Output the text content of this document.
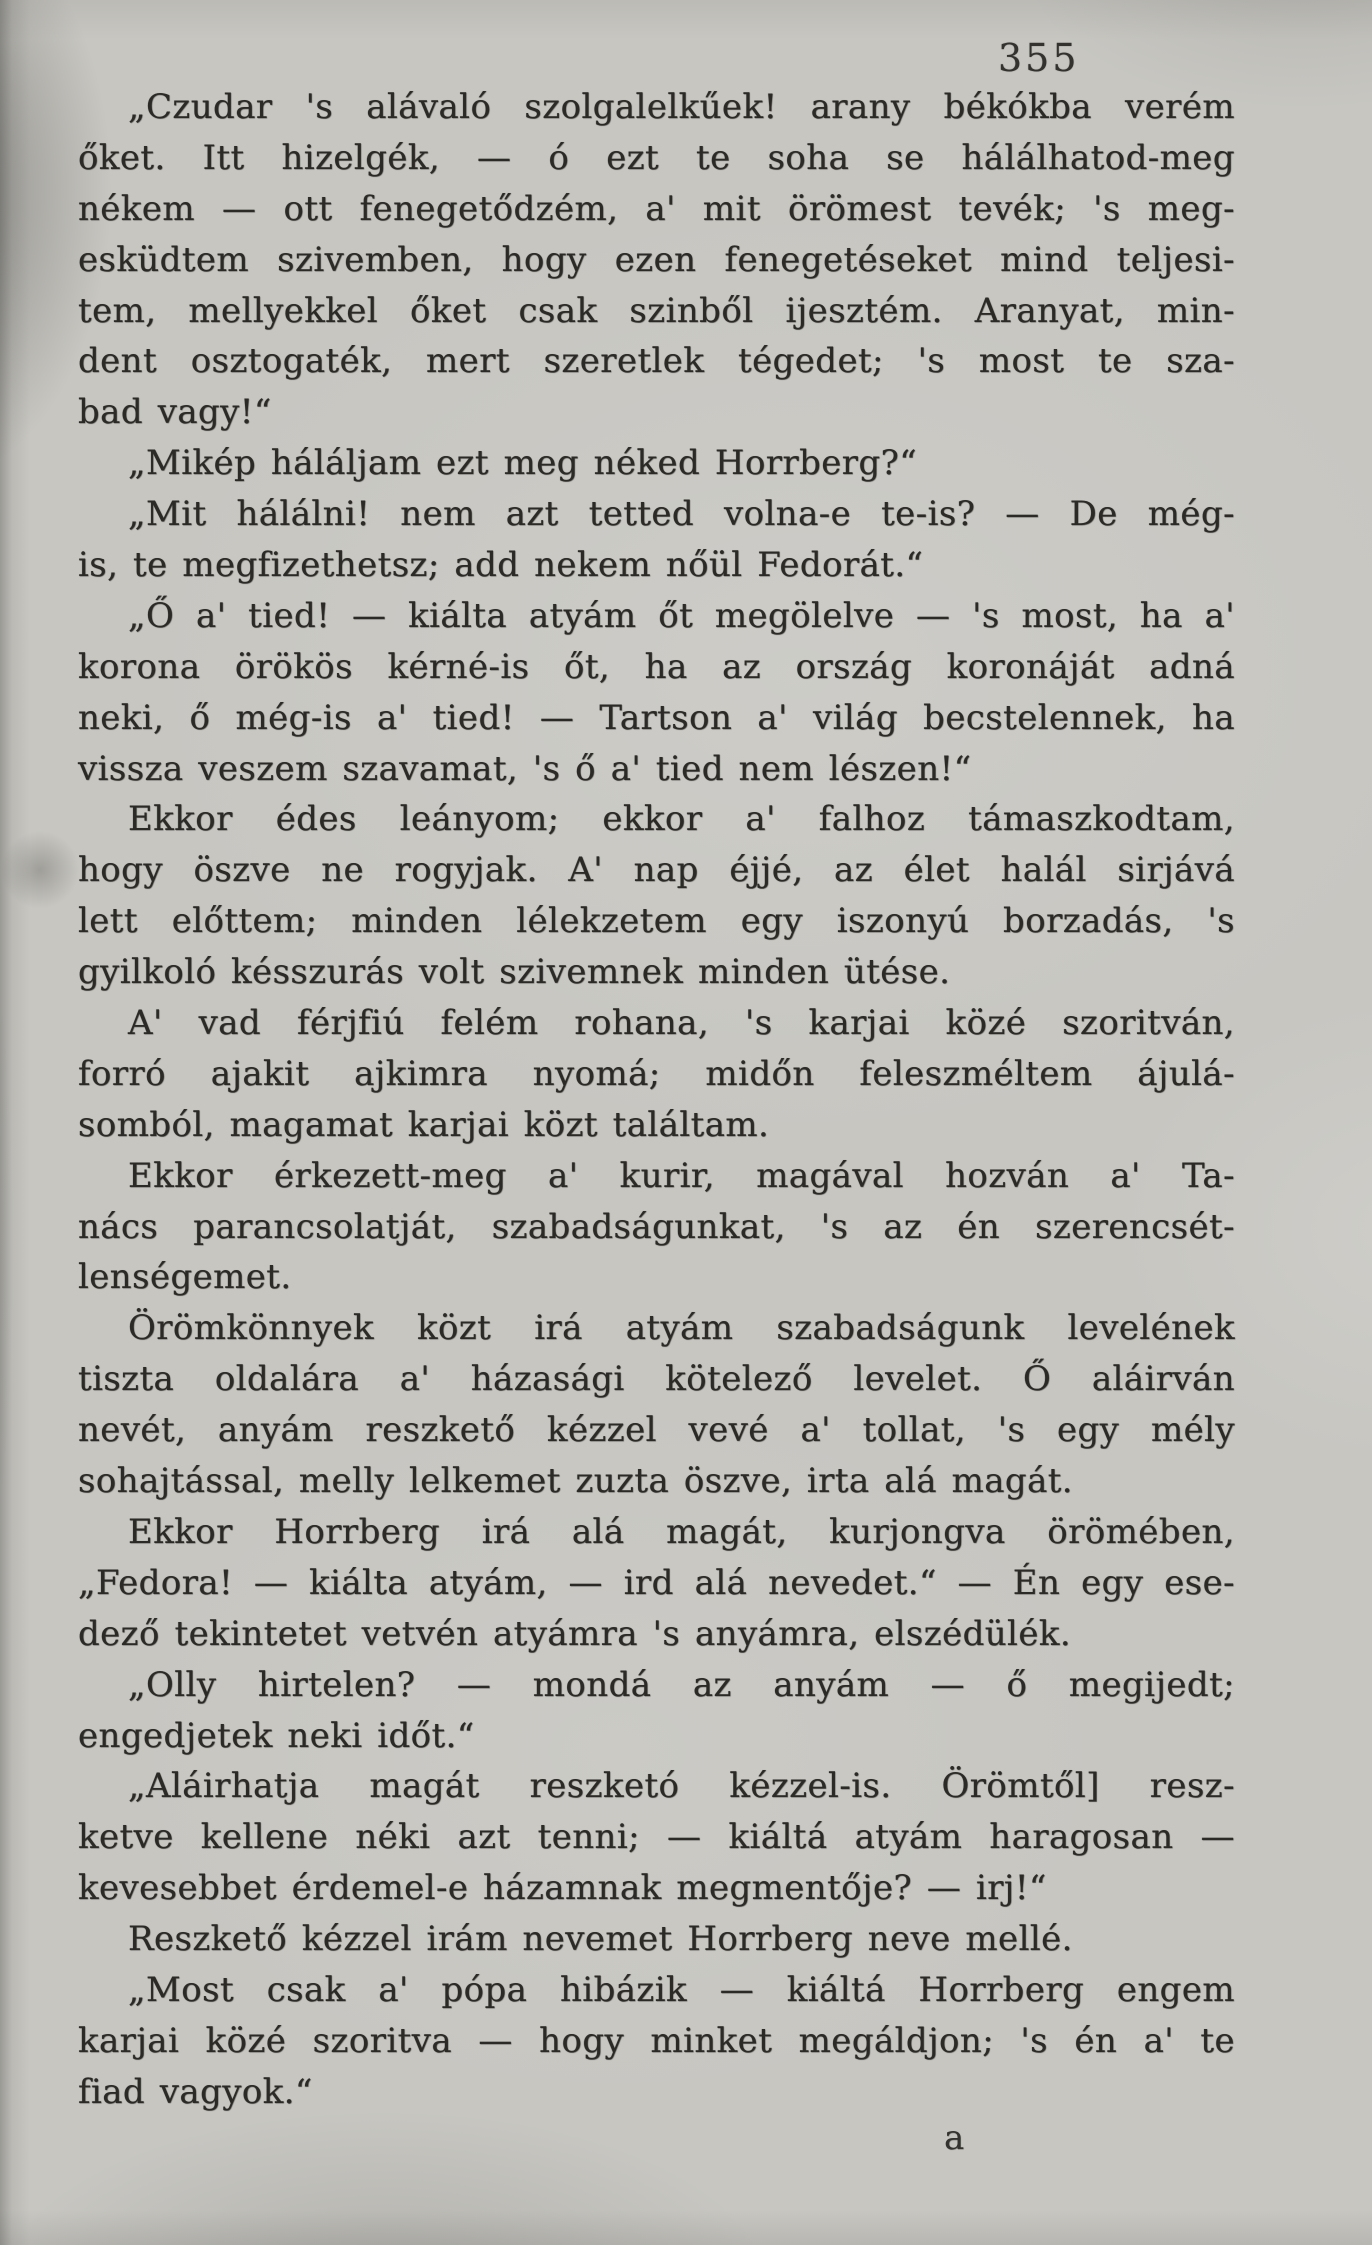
355
„Czudar 's alávaló szolgalelkűek! arany békókba verém
őket. Itt hizelgék, — ó ezt te soha se hálálhatod-meg
nékem — ott fenegetődzém, a' mit örömest tevék; 's meg-
esküdtem szivemben, hogy ezen fenegetéseket mind teljesi-
tem, mellyekkel őket csak szinből ijesztém. Aranyat, min-
dent osztogaték, mert szeretlek tégedet; 's most te sza-
bad vagy!“
„Mikép háláljam ezt meg néked Horrberg?“
„Mit hálálni! nem azt tetted volna-e te-is? — De még-
is, te megfizethetsz; add nekem nőül Fedorát.“
„Ő a' tied! — kiálta atyám őt megölelve — 's most, ha a'
korona örökös kérné-is őt, ha az ország koronáját adná
neki, ő még-is a' tied! — Tartson a' világ becstelennek, ha
vissza veszem szavamat, 's ő a' tied nem lészen!“
Ekkor édes leányom; ekkor a' falhoz támaszkodtam,
hogy öszve ne rogyjak. A' nap éjjé, az élet halál sirjává
lett előttem; minden lélekzetem egy iszonyú borzadás, 's
gyilkoló késszurás volt szivemnek minden ütése.
A' vad férjfiú felém rohana, 's karjai közé szoritván,
forró ajakit ajkimra nyomá; midőn feleszméltem ájulá-
somból, magamat karjai közt találtam.
Ekkor érkezett-meg a' kurir, magával hozván a' Ta-
nács parancsolatját, szabadságunkat, 's az én szerencsét-
lenségemet.
Örömkönnyek közt irá atyám szabadságunk levelének
tiszta oldalára a' házasági kötelező levelet. Ő aláirván
nevét, anyám reszkető kézzel vevé a' tollat, 's egy mély
sohajtással, melly lelkemet zuzta öszve, irta alá magát.
Ekkor Horrberg irá alá magát, kurjongva örömében,
„Fedora! — kiálta atyám, — ird alá nevedet.“ — Én egy ese-
dező tekintetet vetvén atyámra 's anyámra, elszédülék.
„Olly hirtelen? — mondá az anyám — ő megijedt;
engedjetek neki időt.“
„Aláirhatja magát reszketó kézzel-is. Örömtől] resz-
ketve kellene néki azt tenni; — kiáltá atyám haragosan —
kevesebbet érdemel-e házamnak megmentője? — irj!“
Reszkető kézzel irám nevemet Horrberg neve mellé.
„Most csak a' pópa hibázik — kiáltá Horrberg engem
karjai közé szoritva — hogy minket megáldjon; 's én a' te
fiad vagyok.“
a
